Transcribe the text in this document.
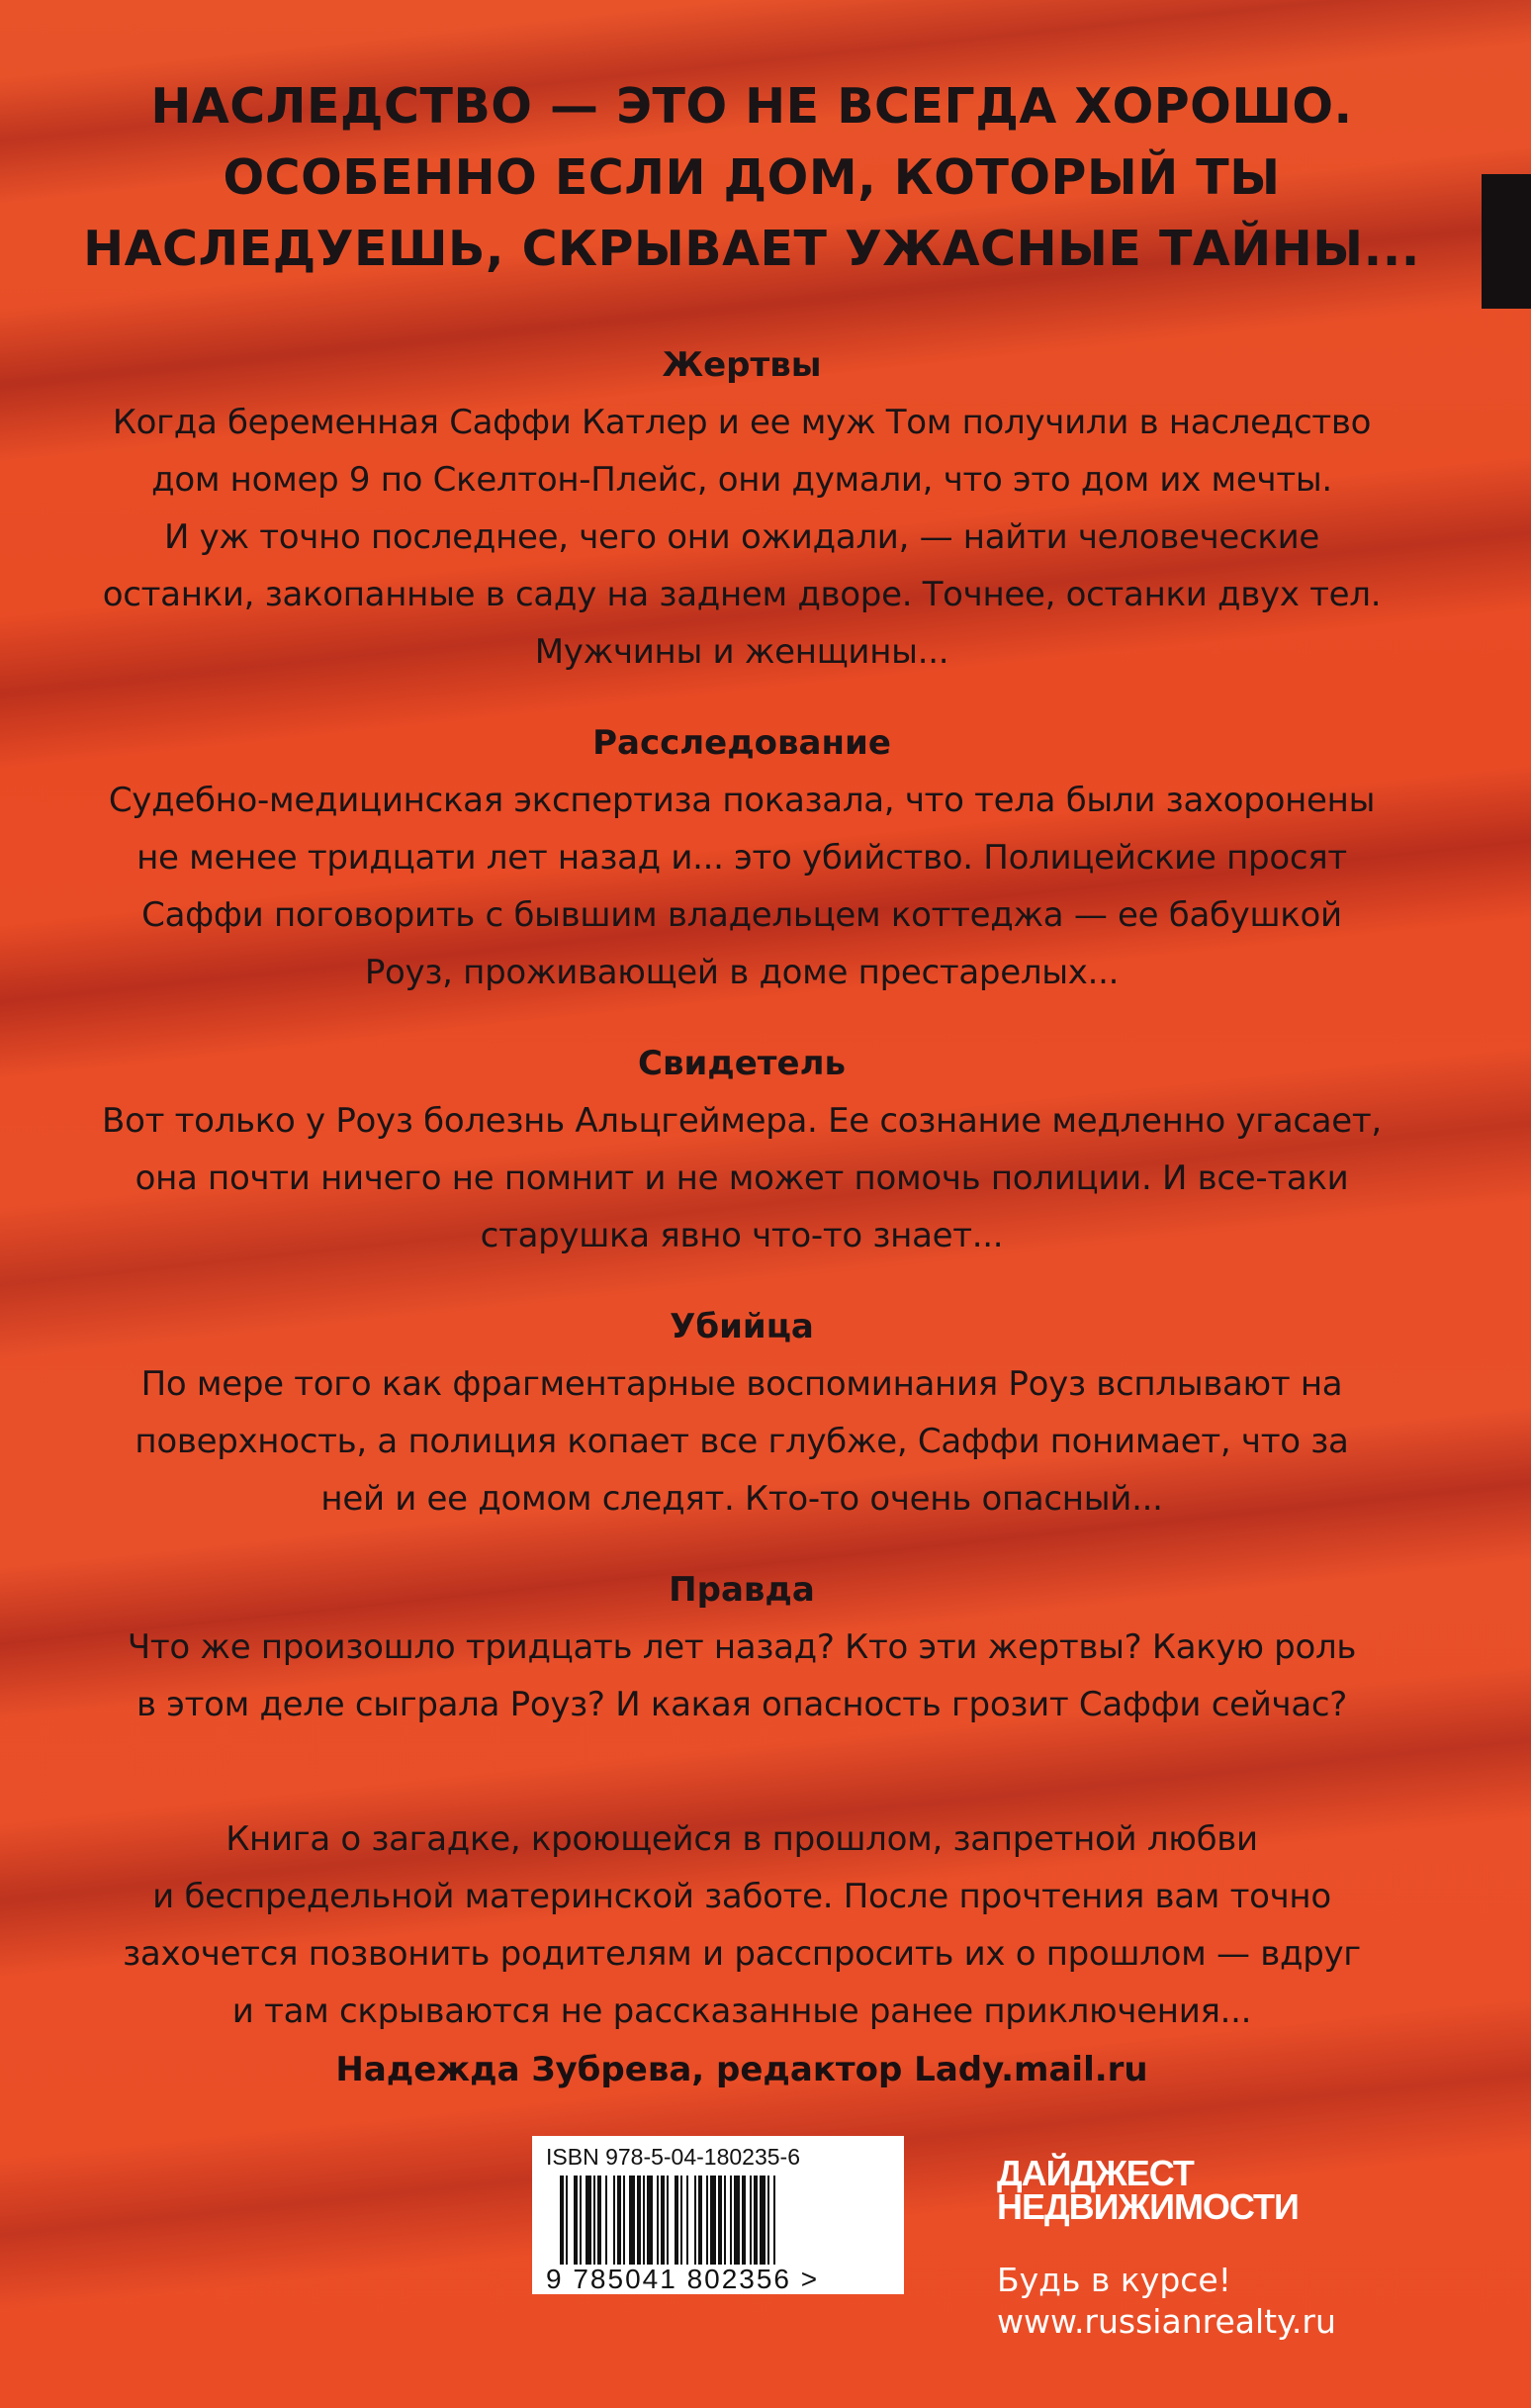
НАСЛЕДСТВО — ЭТО НЕ ВСЕГДА ХОРОШО.
ОСОБЕННО ЕСЛИ ДОМ, КОТОРЫЙ ТЫ
НАСЛЕДУЕШЬ, СКРЫВАЕТ УЖАСНЫЕ ТАЙНЫ...
Жертвы

Когда беременная Саффи Катлер и ее муж Том получили в наследство
дом номер 9 по Скелтон-Плейс, они думали, что это дом их мечты.
И уж точно последнее, чего они ожидали, — найти человеческие
останки, закопанные в саду на заднем дворе. Точнее, останки двух тел.
Мужчины и женщины...

Расследование

Судебно-медицинская экспертиза показала, что тела были захоронены
не менее тридцати лет назад и... это убийство. Полицейские просят
Саффи поговорить с бывшим владельцем коттеджа — ее бабушкой
Роуз, проживающей в доме престарелых...

Свидетель

Вот только у Роуз болезнь Альцгеймера. Ее сознание медленно угасает,
она почти ничего не помнит и не может помочь полиции. И все-таки
старушка явно что-то знает...

Убийца

По мере того как фрагментарные воспоминания Роуз всплывают на
поверхность, а полиция копает все глубже, Саффи понимает, что за
ней и ее домом следят. Кто-то очень опасный...

Правда

Что же произошло тридцать лет назад? Кто эти жертвы? Какую роль
в этом деле сыграла Роуз? И какая опасность грозит Саффи сейчас?

Книга о загадке, кроющейся в прошлом, запретной любви
и беспредельной материнской заботе. После прочтения вам точно
захочется позвонить родителям и расспросить их о прошлом — вдруг
и там скрываются не рассказанные ранее приключения...

Надежда Зубрева, редактор Lady.mail.ru
ISBN 978-5-04-180235-6
9 785041 802356 >
ДАЙДЖЕСТ
НЕДВИЖИМОСТИ
Будь в курсе!
www.russianrealty.ru
